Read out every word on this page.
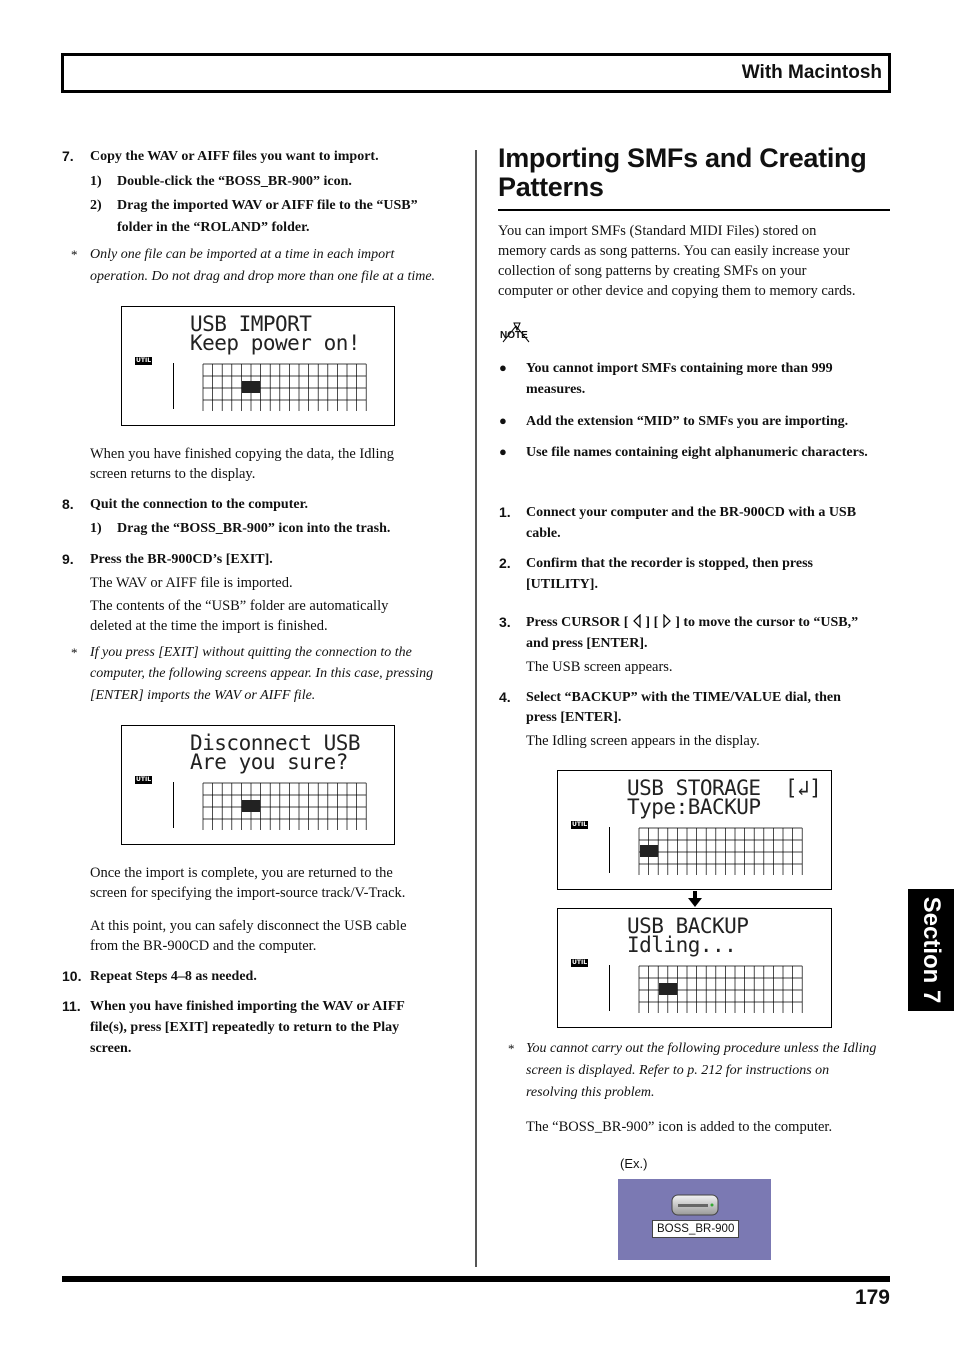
With Macintosh
Section 7
7. Copy the WAV or AIFF files you want to import.
1) Double-click the “BOSS_BR-900” icon.
2) Drag the imported WAV or AIFF file to the “USB”
folder in the “ROLAND” folder.
* Only one file can be imported at a time in each import
operation. Do not drag and drop more than one file at a time.
USB IMPORT
Keep power on!
UTIL
When you have finished copying the data, the Idling
screen returns to the display.
8. Quit the connection to the computer.
1) Drag the “BOSS_BR-900” icon into the trash.
9. Press the BR-900CD’s [EXIT].
The WAV or AIFF file is imported.
The contents of the “USB” folder are automatically
deleted at the time the import is finished.
* If you press [EXIT] without quitting the connection to the
computer, the following screens appear. In this case, pressing
[ENTER] imports the WAV or AIFF file.
Disconnect USB
Are you sure?
UTIL
Once the import is complete, you are returned to the
screen for specifying the import-source track/V-Track.
At this point, you can safely disconnect the USB cable
from the BR-900CD and the computer.
10. Repeat Steps 4–8 as needed.
11. When you have finished importing the WAV or AIFF
file(s), press [EXIT] repeatedly to return to the Play
screen.
Importing SMFs and Creating
Patterns
You can import SMFs (Standard MIDI Files) stored on
memory cards as song patterns. You can easily increase your
collection of song patterns by creating SMFs on your
computer or other device and copying them to memory cards.
NOTE
● You cannot import SMFs containing more than 999
measures.
● Add the extension “MID” to SMFs you are importing.
● Use file names containing eight alphanumeric characters.
1. Connect your computer and the BR-900CD with a USB
cable.
2. Confirm that the recorder is stopped, then press
[UTILITY].
3. Press CURSOR [ ] [ ] to move the cursor to “USB,”
and press [ENTER].
The USB screen appears.
4. Select “BACKUP” with the TIME/VALUE dial, then
press [ENTER].
The Idling screen appears in the display.
USB STORAGE  [↲]
Type:BACKUP
UTIL
USB BACKUP
Idling...
UTIL
* You cannot carry out the following procedure unless the Idling
screen is displayed. Refer to p. 212 for instructions on
resolving this problem.
The “BOSS_BR-900” icon is added to the computer.
(Ex.)
BOSS_BR-900
179
